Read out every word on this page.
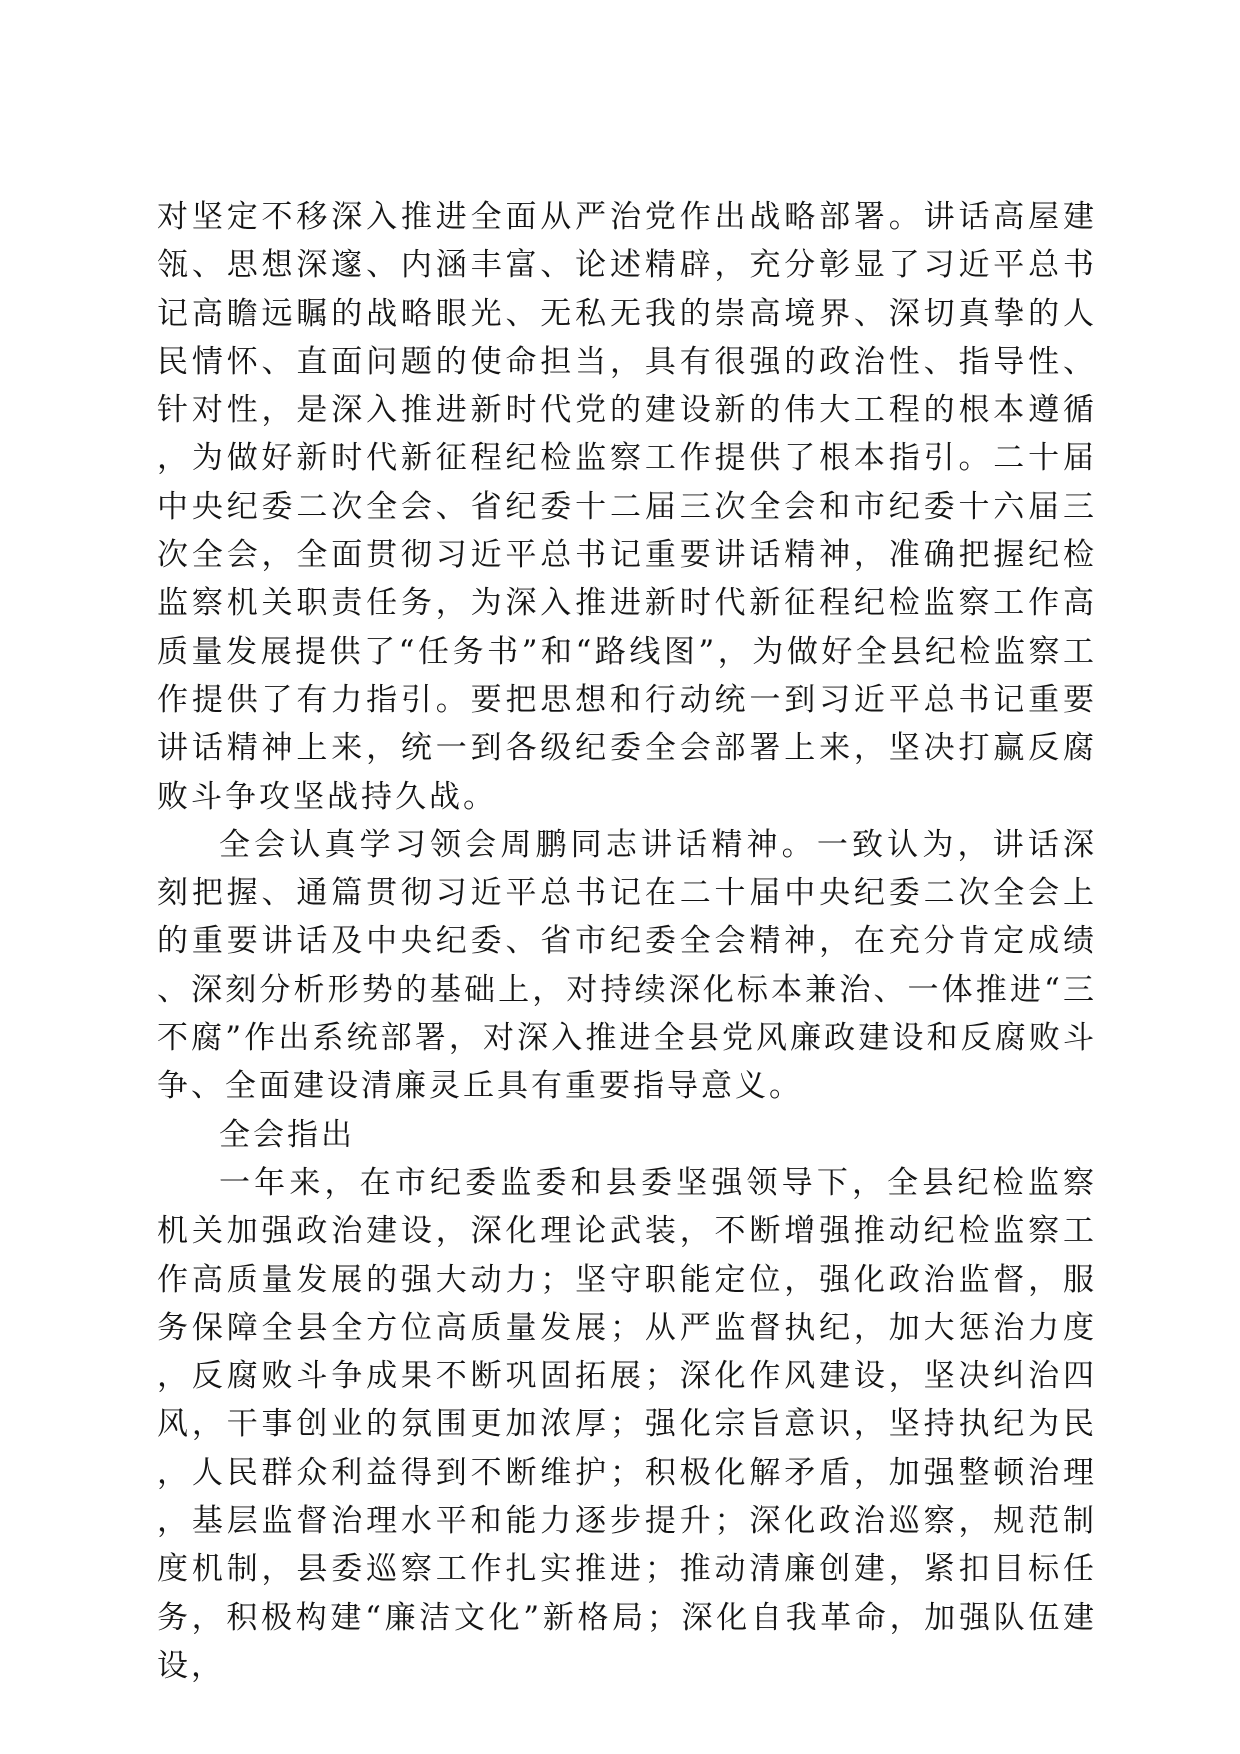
对坚定不移深入推进全面从严治党作出战略部署。讲话高屋建瓴、思想深邃、内涵丰富、论述精辟，充分彰显了习近平总书记高瞻远瞩的战略眼光、无私无我的崇高境界、深切真挚的人民情怀、直面问题的使命担当，具有很强的政治性、指导性、针对性，是深入推进新时代党的建设新的伟大工程的根本遵循，为做好新时代新征程纪检监察工作提供了根本指引。二十届中央纪委二次全会、省纪委十二届三次全会和市纪委十六届三次全会，全面贯彻习近平总书记重要讲话精神，准确把握纪检监察机关职责任务，为深入推进新时代新征程纪检监察工作高质量发展提供了“任务书”和“路线图”，为做好全县纪检监察工作提供了有力指引。要把思想和行动统一到习近平总书记重要讲话精神上来，统一到各级纪委全会部署上来，坚决打赢反腐败斗争攻坚战持久战。

全会认真学习领会周鹏同志讲话精神。一致认为，讲话深刻把握、通篇贯彻习近平总书记在二十届中央纪委二次全会上的重要讲话及中央纪委、省市纪委全会精神，在充分肯定成绩、深刻分析形势的基础上，对持续深化标本兼治、一体推进“三不腐”作出系统部署，对深入推进全县党风廉政建设和反腐败斗争、全面建设清廉灵丘具有重要指导意义。

全会指出

一年来，在市纪委监委和县委坚强领导下，全县纪检监察机关加强政治建设，深化理论武装，不断增强推动纪检监察工作高质量发展的强大动力；坚守职能定位，强化政治监督，服务保障全县全方位高质量发展；从严监督执纪，加大惩治力度，反腐败斗争成果不断巩固拓展；深化作风建设，坚决纠治四风，干事创业的氛围更加浓厚；强化宗旨意识，坚持执纪为民，人民群众利益得到不断维护；积极化解矛盾，加强整顿治理，基层监督治理水平和能力逐步提升；深化政治巡察，规范制度机制，县委巡察工作扎实推进；推动清廉创建，紧扣目标任务，积极构建“廉洁文化”新格局；深化自我革命，加强队伍建设，
